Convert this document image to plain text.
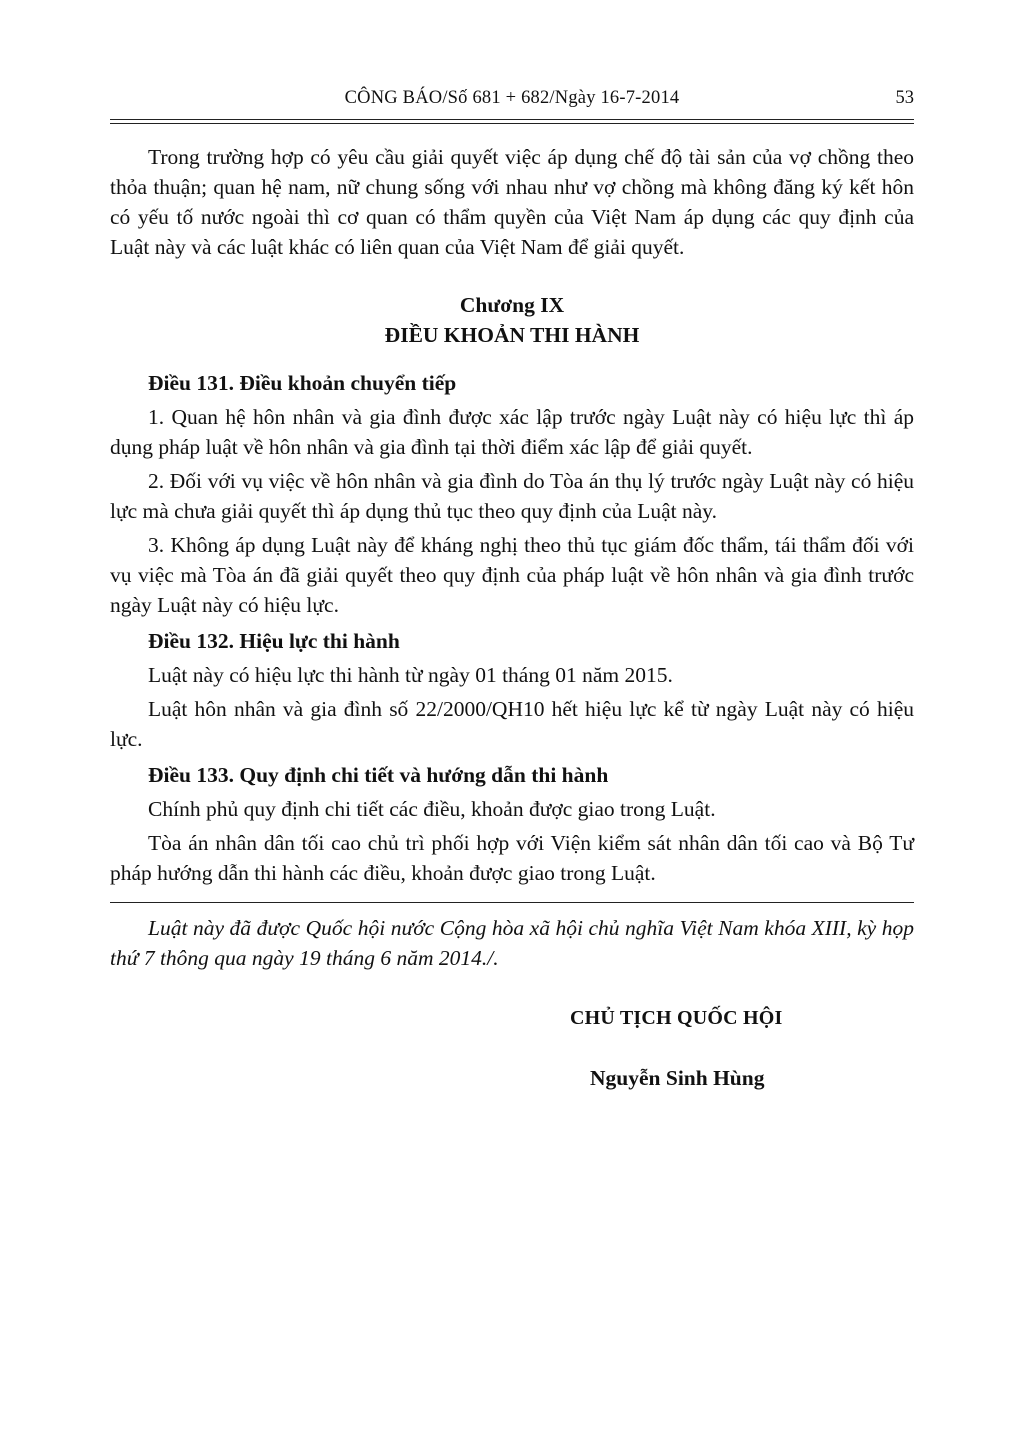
CÔNG BÁO/Số 681 + 682/Ngày 16-7-2014	53

Trong trường hợp có yêu cầu giải quyết việc áp dụng chế độ tài sản của vợ chồng theo thỏa thuận; quan hệ nam, nữ chung sống với nhau như vợ chồng mà không đăng ký kết hôn có yếu tố nước ngoài thì cơ quan có thẩm quyền của Việt Nam áp dụng các quy định của Luật này và các luật khác có liên quan của Việt Nam để giải quyết.

Chương IX

ĐIỀU KHOẢN THI HÀNH

Điều 131. Điều khoản chuyển tiếp

1. Quan hệ hôn nhân và gia đình được xác lập trước ngày Luật này có hiệu lực thì áp dụng pháp luật về hôn nhân và gia đình tại thời điểm xác lập để giải quyết.

2. Đối với vụ việc về hôn nhân và gia đình do Tòa án thụ lý trước ngày Luật này có hiệu lực mà chưa giải quyết thì áp dụng thủ tục theo quy định của Luật này.

3. Không áp dụng Luật này để kháng nghị theo thủ tục giám đốc thẩm, tái thẩm đối với vụ việc mà Tòa án đã giải quyết theo quy định của pháp luật về hôn nhân và gia đình trước ngày Luật này có hiệu lực.

Điều 132. Hiệu lực thi hành

Luật này có hiệu lực thi hành từ ngày 01 tháng 01 năm 2015.

Luật hôn nhân và gia đình số 22/2000/QH10 hết hiệu lực kể từ ngày Luật này có hiệu lực.

Điều 133. Quy định chi tiết và hướng dẫn thi hành

Chính phủ quy định chi tiết các điều, khoản được giao trong Luật.

Tòa án nhân dân tối cao chủ trì phối hợp với Viện kiểm sát nhân dân tối cao và Bộ Tư pháp hướng dẫn thi hành các điều, khoản được giao trong Luật.

Luật này đã được Quốc hội nước Cộng hòa xã hội chủ nghĩa Việt Nam khóa XIII, kỳ họp thứ 7 thông qua ngày 19 tháng 6 năm 2014./.

CHỦ TỊCH QUỐC HỘI

Nguyễn Sinh Hùng
